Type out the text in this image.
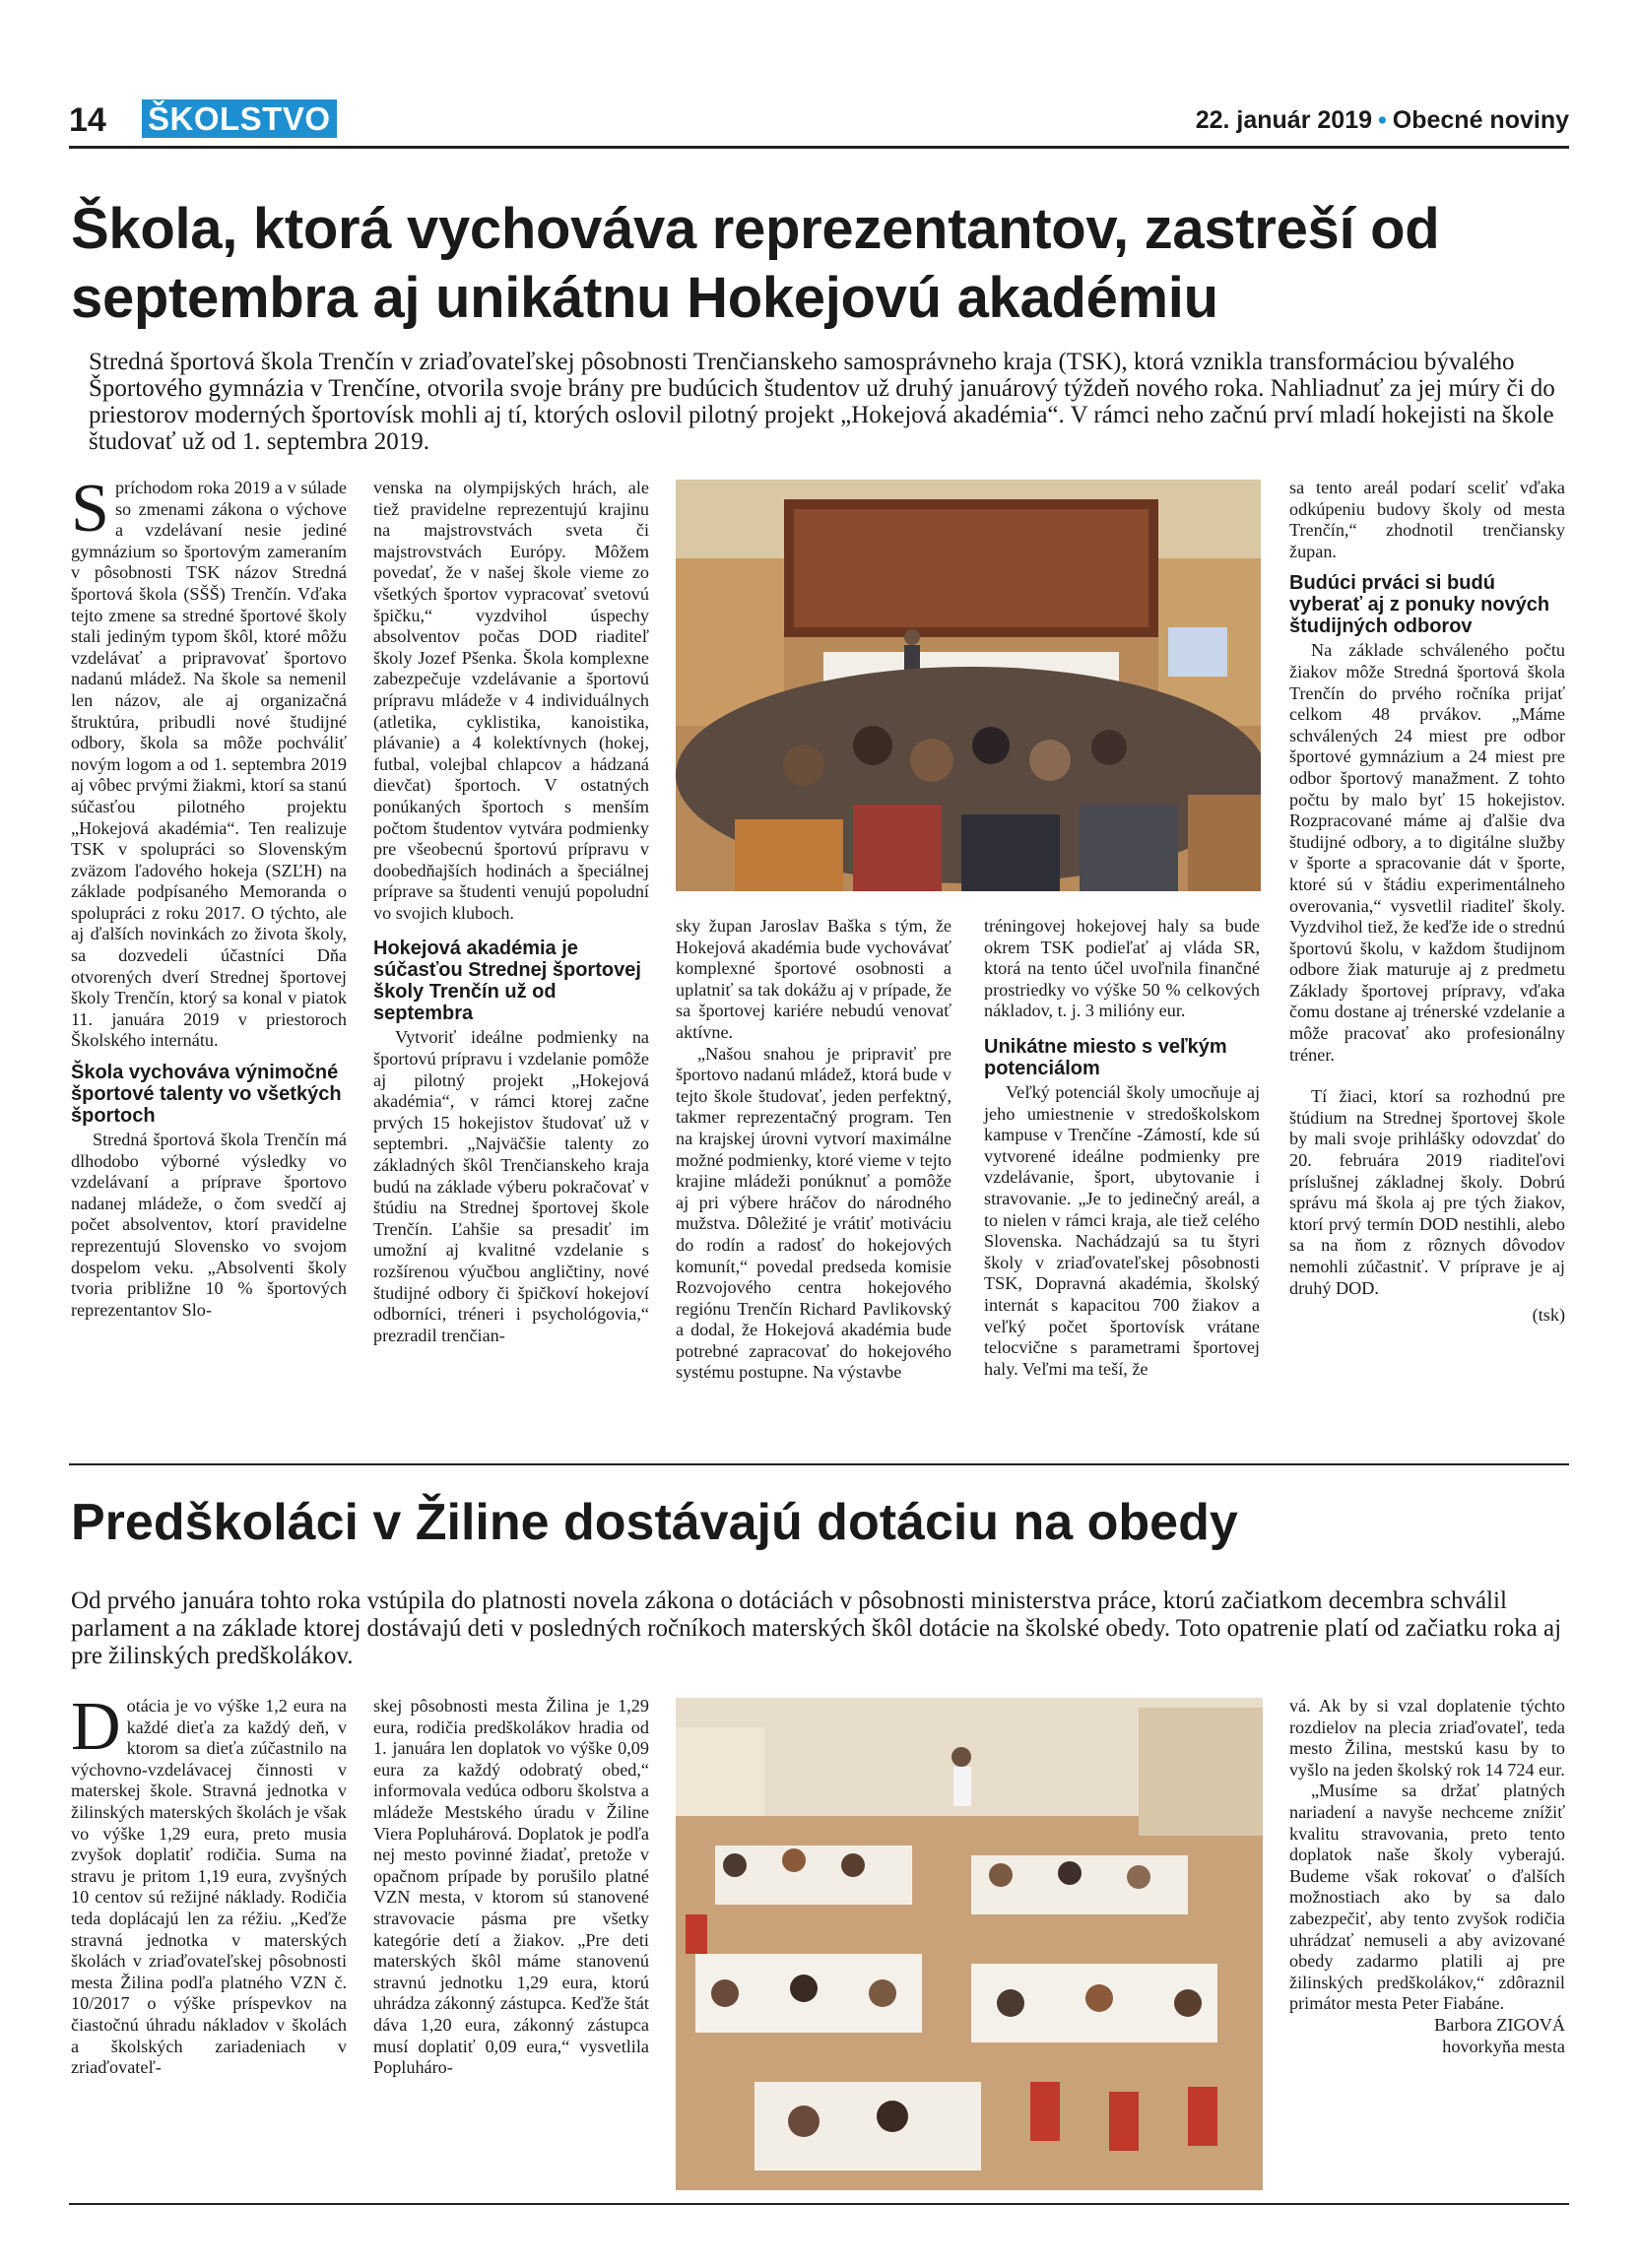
14 ŠKOLSTVO	22. január 2019 • Obecné noviny
Škola, ktorá vychováva reprezentantov, zastreší od septembra aj unikátnu Hokejovú akadémiu
Stredná športová škola Trenčín v zriaďovateľskej pôsobnosti Trenčianskeho samosprávneho kraja (TSK), ktorá vznikla transformáciou bývalého Športového gymnázia v Trenčíne, otvorila svoje brány pre budúcich študentov už druhý januárový týždeň nového roka. Nahliadnuť za jej múry či do priestorov moderných športovísk mohli aj tí, ktorých oslovil pilotný projekt „Hokejová akadémia“. V rámci neho začnú prví mladí hokejisti na škole študovať už od 1. septembra 2019.

Spríchodom roka 2019 a v súlade so zmenami zákona o výchove a vzdelávaní nesie jediné gymnázium so športovým zameraním v pôsobnosti TSK názov Stredná športová škola (SŠŠ) Trenčín. Vďaka tejto zmene sa stredné športové školy stali jediným typom škôl, ktoré môžu vzdelávať a pripravovať športovo nadanú mládež. Na škole sa nemenil len názov, ale aj organizačná štruktúra, pribudli nové študijné odbory, škola sa môže pochváliť novým logom a od 1. septembra 2019 aj vôbec prvými žiakmi, ktorí sa stanú súčasťou pilotného projektu „Hokejová akadémia“. Ten realizuje TSK v spolupráci so Slovenským zväzom ľadového hokeja (SZĽH) na základe podpísaného Memoranda o spolupráci z roku 2017. O týchto, ale aj ďalších novinkách zo života školy, sa dozvedeli účastníci Dňa otvorených dverí Strednej športovej školy Trenčín, ktorý sa konal v piatok 11. januára 2019 v priestoroch Školského internátu.

Škola vychováva výnimočné športové talenty vo všetkých športoch

Stredná športová škola Trenčín má dlhodobo výborné výsledky vo vzdelávaní a príprave športovo nadanej mládeže, o čom svedčí aj počet absolventov, ktorí pravidelne reprezentujú Slovensko vo svojom dospelom veku. „Absolventi školy tvoria približne 10 % športových reprezentantov Slo-

venska na olympijských hrách, ale tiež pravidelne reprezentujú krajinu na majstrovstvách sveta či majstrovstvách Európy. Môžem povedať, že v našej škole vieme zo všetkých športov vypracovať svetovú špičku,“ vyzdvihol úspechy absolventov počas DOD riaditeľ školy Jozef Pšenka. Škola komplexne zabezpečuje vzdelávanie a športovú prípravu mládeže v 4 individuálnych (atletika, cyklistika, kanoistika, plávanie) a 4 kolektívnych (hokej, futbal, volejbal chlapcov a hádzaná dievčat) športoch. V ostatných ponúkaných športoch s menším počtom študentov vytvára podmienky pre všeobecnú športovú prípravu v doobedňajších hodinách a špeciálnej príprave sa študenti venujú popoludní vo svojich kluboch.

Hokejová akadémia je súčasťou Strednej športovej školy Trenčín už od septembra

Vytvoriť ideálne podmienky na športovú prípravu i vzdelanie pomôže aj pilotný projekt „Hokejová akadémia“, v rámci ktorej začne prvých 15 hokejistov študovať už v septembri. „Najväčšie talenty zo základných škôl Trenčianskeho kraja budú na základe výberu pokračovať v štúdiu na Strednej športovej škole Trenčín. Ľahšie sa presadiť im umožní aj kvalitné vzdelanie s rozšírenou výučbou angličtiny, nové študijné odbory či špičkoví hokejoví odborníci, tréneri i psychológovia,“ prezradil trenčian-

sky župan Jaroslav Baška s tým, že Hokejová akadémia bude vychovávať komplexné športové osobnosti a uplatniť sa tak dokážu aj v prípade, že sa športovej kariére nebudú venovať aktívne.

„Našou snahou je pripraviť pre športovo nadanú mládež, ktorá bude v tejto škole študovať, jeden perfektný, takmer reprezentačný program. Ten na krajskej úrovni vytvorí maximálne možné podmienky, ktoré vieme v tejto krajine mládeži ponúknuť a pomôže aj pri výbere hráčov do národného mužstva. Dôležité je vrátiť motiváciu do rodín a radosť do hokejových komunít,“ povedal predseda komisie Rozvojového centra hokejového regiónu Trenčín Richard Pavlikovský a dodal, že Hokejová akadémia bude potrebné zapracovať do hokejového systému postupne. Na výstavbe

tréningovej hokejovej haly sa bude okrem TSK podieľať aj vláda SR, ktorá na tento účel uvoľnila finančné prostriedky vo výške 50 % celkových nákladov, t. j. 3 milióny eur.

Unikátne miesto s veľkým potenciálom

Veľký potenciál školy umocňuje aj jeho umiestnenie v stredoškolskom kampuse v Trenčíne -Zámostí, kde sú vytvorené ideálne podmienky pre vzdelávanie, šport, ubytovanie i stravovanie. „Je to jedinečný areál, a to nielen v rámci kraja, ale tiež celého Slovenska. Nachádzajú sa tu štyri školy v zriaďovateľskej pôsobnosti TSK, Dopravná akadémia, školský internát s kapacitou 700 žiakov a veľký počet športovísk vrátane telocvične s parametrami športovej haly. Veľmi ma teší, že

sa tento areál podarí sceliť vďaka odkúpeniu budovy školy od mesta Trenčín,“ zhodnotil trenčiansky župan.

Budúci prváci si budú vyberať aj z ponuky nových študijných odborov

Na základe schváleného počtu žiakov môže Stredná športová škola Trenčín do prvého ročníka prijať celkom 48 prvákov. „Máme schválených 24 miest pre odbor športové gymnázium a 24 miest pre odbor športový manažment. Z tohto počtu by malo byť 15 hokejistov. Rozpracované máme aj ďalšie dva študijné odbory, a to digitálne služby v športe a spracovanie dát v športe, ktoré sú v štádiu experimentálneho overovania,“ vysvetlil riaditeľ školy. Vyzdvihol tiež, že keďže ide o strednú športovú školu, v každom študijnom odbore žiak maturuje aj z predmetu Základy športovej prípravy, vďaka čomu dostane aj trénerské vzdelanie a môže pracovať ako profesionálny tréner.

Tí žiaci, ktorí sa rozhodnú pre štúdium na Strednej športovej škole by mali svoje prihlášky odovzdať do 20. februára 2019 riaditeľovi príslušnej základnej školy. Dobrú správu má škola aj pre tých žiakov, ktorí prvý termín DOD nestihli, alebo sa na ňom z rôznych dôvodov nemohli zúčastniť. V príprave je aj druhý DOD.

(tsk)
Predškoláci v Žiline dostávajú dotáciu na obedy
Od prvého januára tohto roka vstúpila do platnosti novela zákona o dotáciách v pôsobnosti ministerstva práce, ktorú začiatkom decembra schválil parlament a na základe ktorej dostávajú deti v posledných ročníkoch materských škôl dotácie na školské obedy. Toto opatrenie platí od začiatku roka aj pre žilinských predškolákov.

Dotácia je vo výške 1,2 eura na každé dieťa za každý deň, v ktorom sa dieťa zúčastnilo na výchovno-vzdelávacej činnosti v materskej škole. Stravná jednotka v žilinských materských školách je však vo výške 1,29 eura, preto musia zvyšok doplatiť rodičia. Suma na stravu je pritom 1,19 eura, zvyšných 10 centov sú režijné náklady. Rodičia teda doplácajú len za réžiu. „Keďže stravná jednotka v materských školách v zriaďovateľskej pôsobnosti mesta Žilina podľa platného VZN č. 10/2017 o výške príspevkov na čiastočnú úhradu nákladov v školách a školských zariadeniach v zriaďovateľ-

skej pôsobnosti mesta Žilina je 1,29 eura, rodičia predškolákov hradia od 1. januára len doplatok vo výške 0,09 eura za každý odobratý obed,“ informovala vedúca odboru školstva a mládeže Mestského úradu v Žiline Viera Popluhárová. Doplatok je podľa nej mesto povinné žiadať, pretože v opačnom prípade by porušilo platné VZN mesta, v ktorom sú stanovené stravovacie pásma pre všetky kategórie detí a žiakov. „Pre deti materských škôl máme stanovenú stravnú jednotku 1,29 eura, ktorú uhrádza zákonný zástupca. Keďže štát dáva 1,20 eura, zákonný zástupca musí doplatiť 0,09 eura,“ vysvetlila Popluháro-

vá. Ak by si vzal doplatenie týchto rozdielov na plecia zriaďovateľ, teda mesto Žilina, mestskú kasu by to vyšlo na jeden školský rok 14 724 eur.

„Musíme sa držať platných nariadení a navyše nechceme znížiť kvalitu stravovania, preto tento doplatok naše školy vyberajú. Budeme však rokovať o ďalších možnostiach ako by sa dalo zabezpečiť, aby tento zvyšok rodičia uhrádzať nemuseli a aby avizované obedy zadarmo platili aj pre žilinských predškolákov,“ zdôraznil primátor mesta Peter Fiabáne.

Barbora ZIGOVÁ
hovorkyňa mesta
